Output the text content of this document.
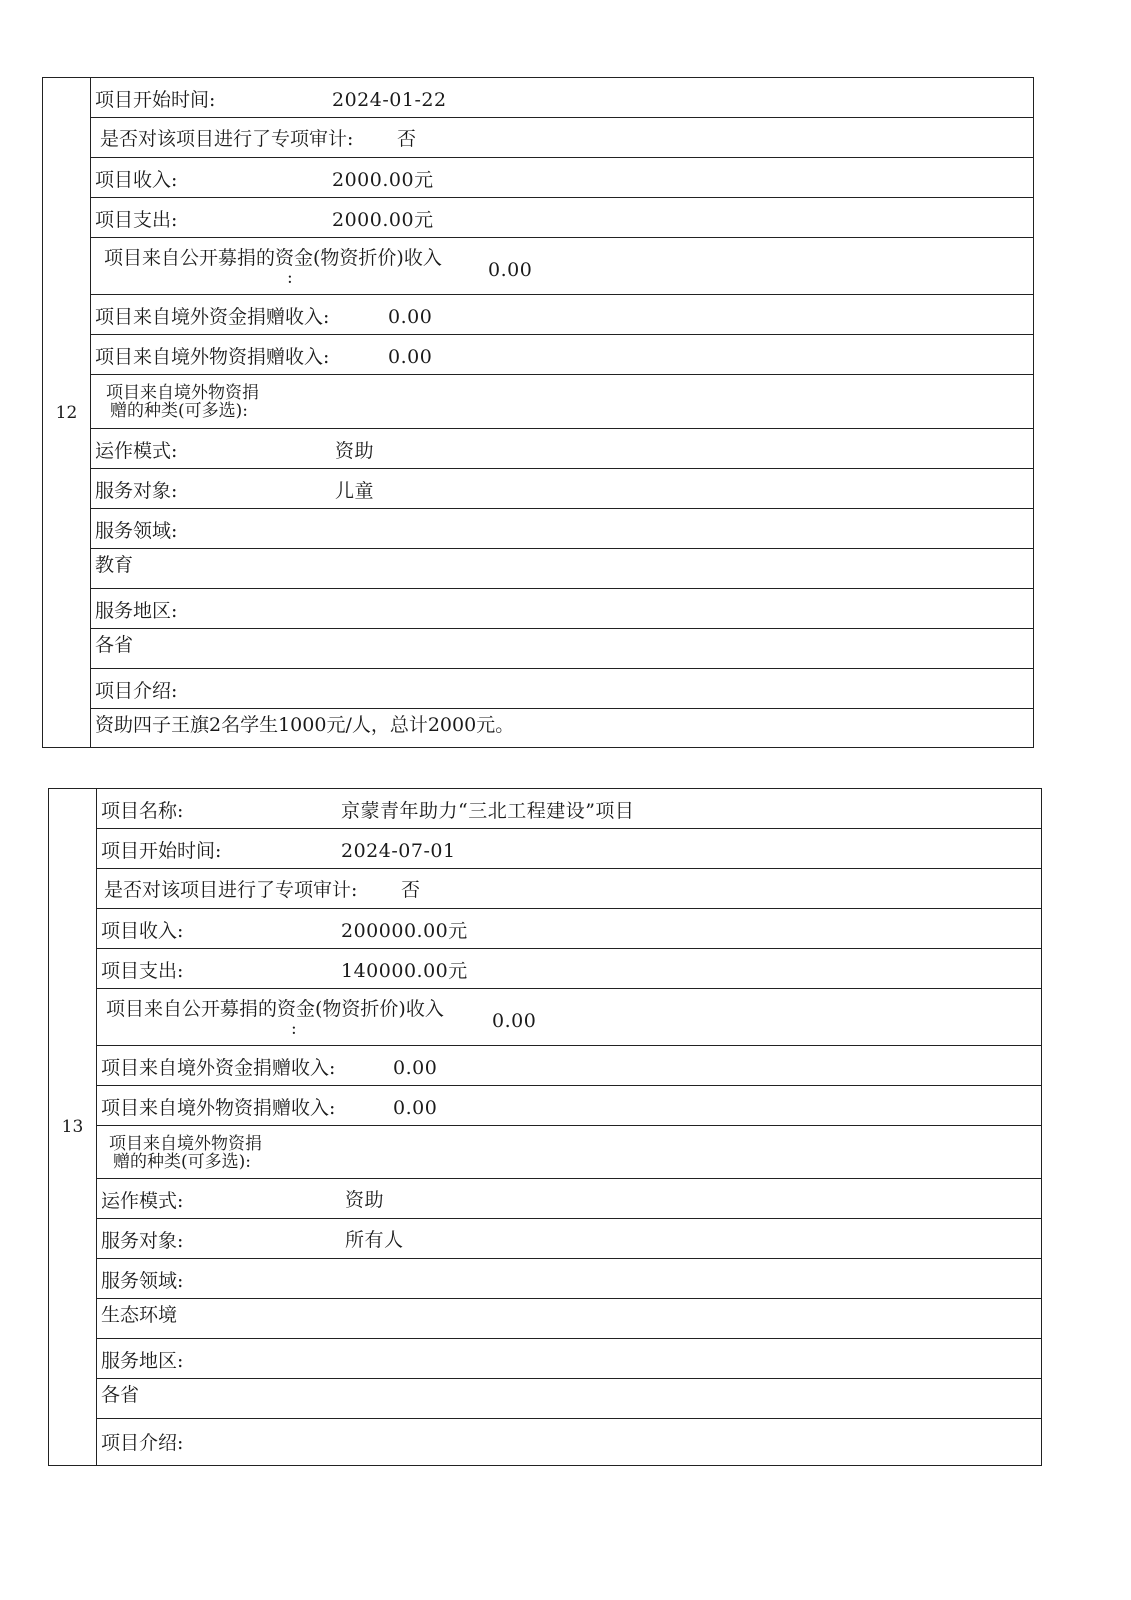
12
项目开始时间:	2024-01-22
是否对该项目进行了专项审计: 否
项目收入:	2000.00元
项目支出:	2000.00元
项目来自公开募捐的资金(物资折价)收入
:	0.00
项目来自境外资金捐赠收入:	0.00
项目来自境外物资捐赠收入:	0.00
项目来自境外物资捐
赠的种类(可多选):
运作模式:	资助
服务对象:	儿童
服务领域:
教育
服务地区:
各省
项目介绍:
资助四子王旗2名学生1000元/人，总计2000元。
13
项目名称:	京蒙青年助力“三北工程建设”项目
项目开始时间:	2024-07-01
是否对该项目进行了专项审计: 否
项目收入:	200000.00元
项目支出:	140000.00元
项目来自公开募捐的资金(物资折价)收入
:	0.00
项目来自境外资金捐赠收入:	0.00
项目来自境外物资捐赠收入:	0.00
项目来自境外物资捐
赠的种类(可多选):
运作模式:	资助
服务对象:	所有人
服务领域:
生态环境
服务地区:
各省
项目介绍:
